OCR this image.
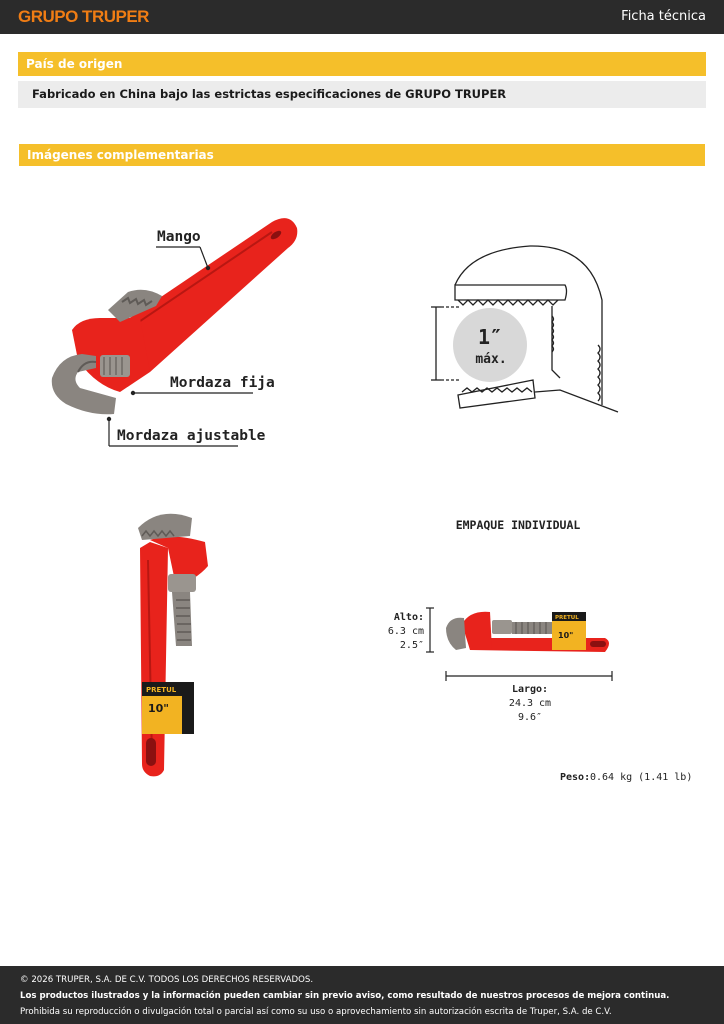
GRUPO TRUPER	Ficha técnica
País de origen
Fabricado en China bajo las estrictas especificaciones de GRUPO TRUPER
Imágenes complementarias
Mango
Mordaza fija
Mordaza ajustable
1″
máx.
PRETUL
10"
EMPAQUE INDIVIDUAL
PRETUL
10"
Alto:
6.3 cm
2.5″
Largo:
24.3 cm
9.6″
Peso: 0.64 kg (1.41 lb)
© 2026 TRUPER, S.A. DE C.V. TODOS LOS DERECHOS RESERVADOS.
Los productos ilustrados y la información pueden cambiar sin previo aviso, como resultado de nuestros procesos de mejora continua.
Prohibida su reproducción o divulgación total o parcial así como su uso o aprovechamiento sin autorización escrita de Truper, S.A. de C.V.
